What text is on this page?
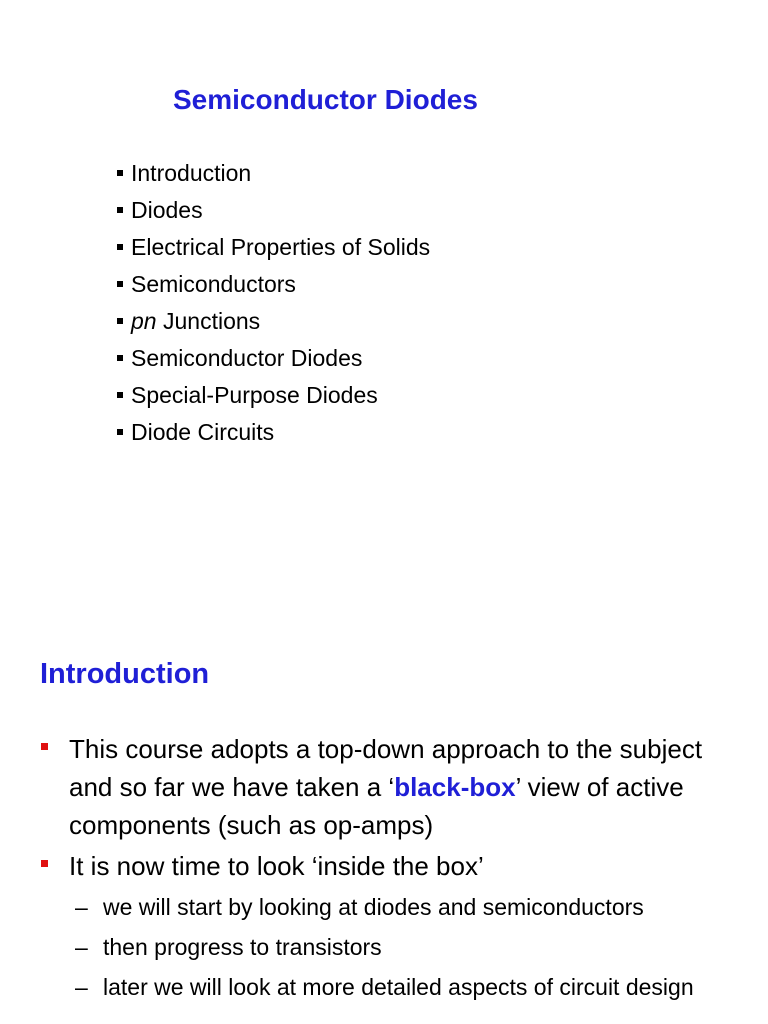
Semiconductor Diodes
Introduction
Diodes
Electrical Properties of Solids
Semiconductors
pn Junctions
Semiconductor Diodes
Special-Purpose Diodes
Diode Circuits
Introduction
This course adopts a top-down approach to the subject and so far we have taken a ‘black-box’ view of active components (such as op-amps)
It is now time to look ‘inside the box’
– we will start by looking at diodes and semiconductors
– then progress to transistors
– later we will look at more detailed aspects of circuit design
